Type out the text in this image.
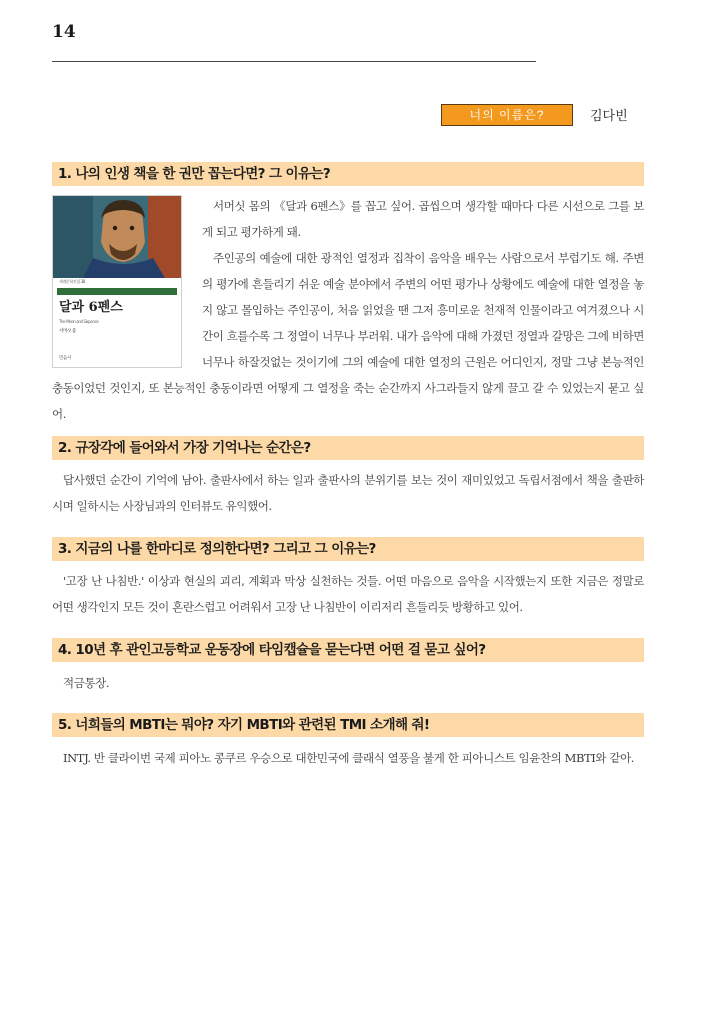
14
너의 이름은?	김다빈
1. 나의 인생 책을 한 권만 꼽는다면? 그 이유는?
세계문학전집 38
달과 6펜스
The Moon and Sixpence
서머싯 몸
민음사

서머싯 몸의 《달과 6펜스》를 꼽고 싶어. 곱씹으며 생각할 때마다 다른 시선으로 그를 보게 되고 평가하게 돼.

주인공의 예술에 대한 광적인 열정과 집착이 음악을 배우는 사람으로서 부럽기도 해. 주변의 평가에 흔들리기 쉬운 예술 분야에서 주변의 어떤 평가나 상황에도 예술에 대한 열정을 놓지 않고 몰입하는 주인공이, 처음 읽었을 땐 그저 흥미로운 천재적 인물이라고 여겨졌으나 시간이 흐를수록 그 정열이 너무나 부러워. 내가 음악에 대해 가졌던 정열과 갈망은 그에 비하면 너무나 하잘것없는 것이기에 그의 예술에 대한 열정의 근원은 어디인지, 정말 그냥 본능적인 충동이었던 것인지, 또 본능적인 충동이라면 어떻게 그 열정을 죽는 순간까지 사그라들지 않게 끌고 갈 수 있었는지 묻고 싶어.

2. 규장각에 들어와서 가장 기억나는 순간은?

답사했던 순간이 기억에 남아. 출판사에서 하는 일과 출판사의 분위기를 보는 것이 재미있었고 독립서점에서 책을 출판하시며 일하시는 사장님과의 인터뷰도 유익했어.

3. 지금의 나를 한마디로 정의한다면? 그리고 그 이유는?

'고장 난 나침반.' 이상과 현실의 괴리, 계획과 막상 실천하는 것들. 어떤 마음으로 음악을 시작했는지 또한 지금은 정말로 어떤 생각인지 모든 것이 혼란스럽고 어려워서 고장 난 나침반이 이리저리 흔들리듯 방황하고 있어.

4. 10년 후 관인고등학교 운동장에 타임캡슐을 묻는다면 어떤 걸 묻고 싶어?

적금통장.

5. 너희들의 MBTI는 뭐야? 자기 MBTI와 관련된 TMI 소개해 줘!

INTJ. 반 클라이번 국제 피아노 콩쿠르 우승으로 대한민국에 클래식 열풍을 불게 한 피아니스트 임윤찬의 MBTI와 같아.
